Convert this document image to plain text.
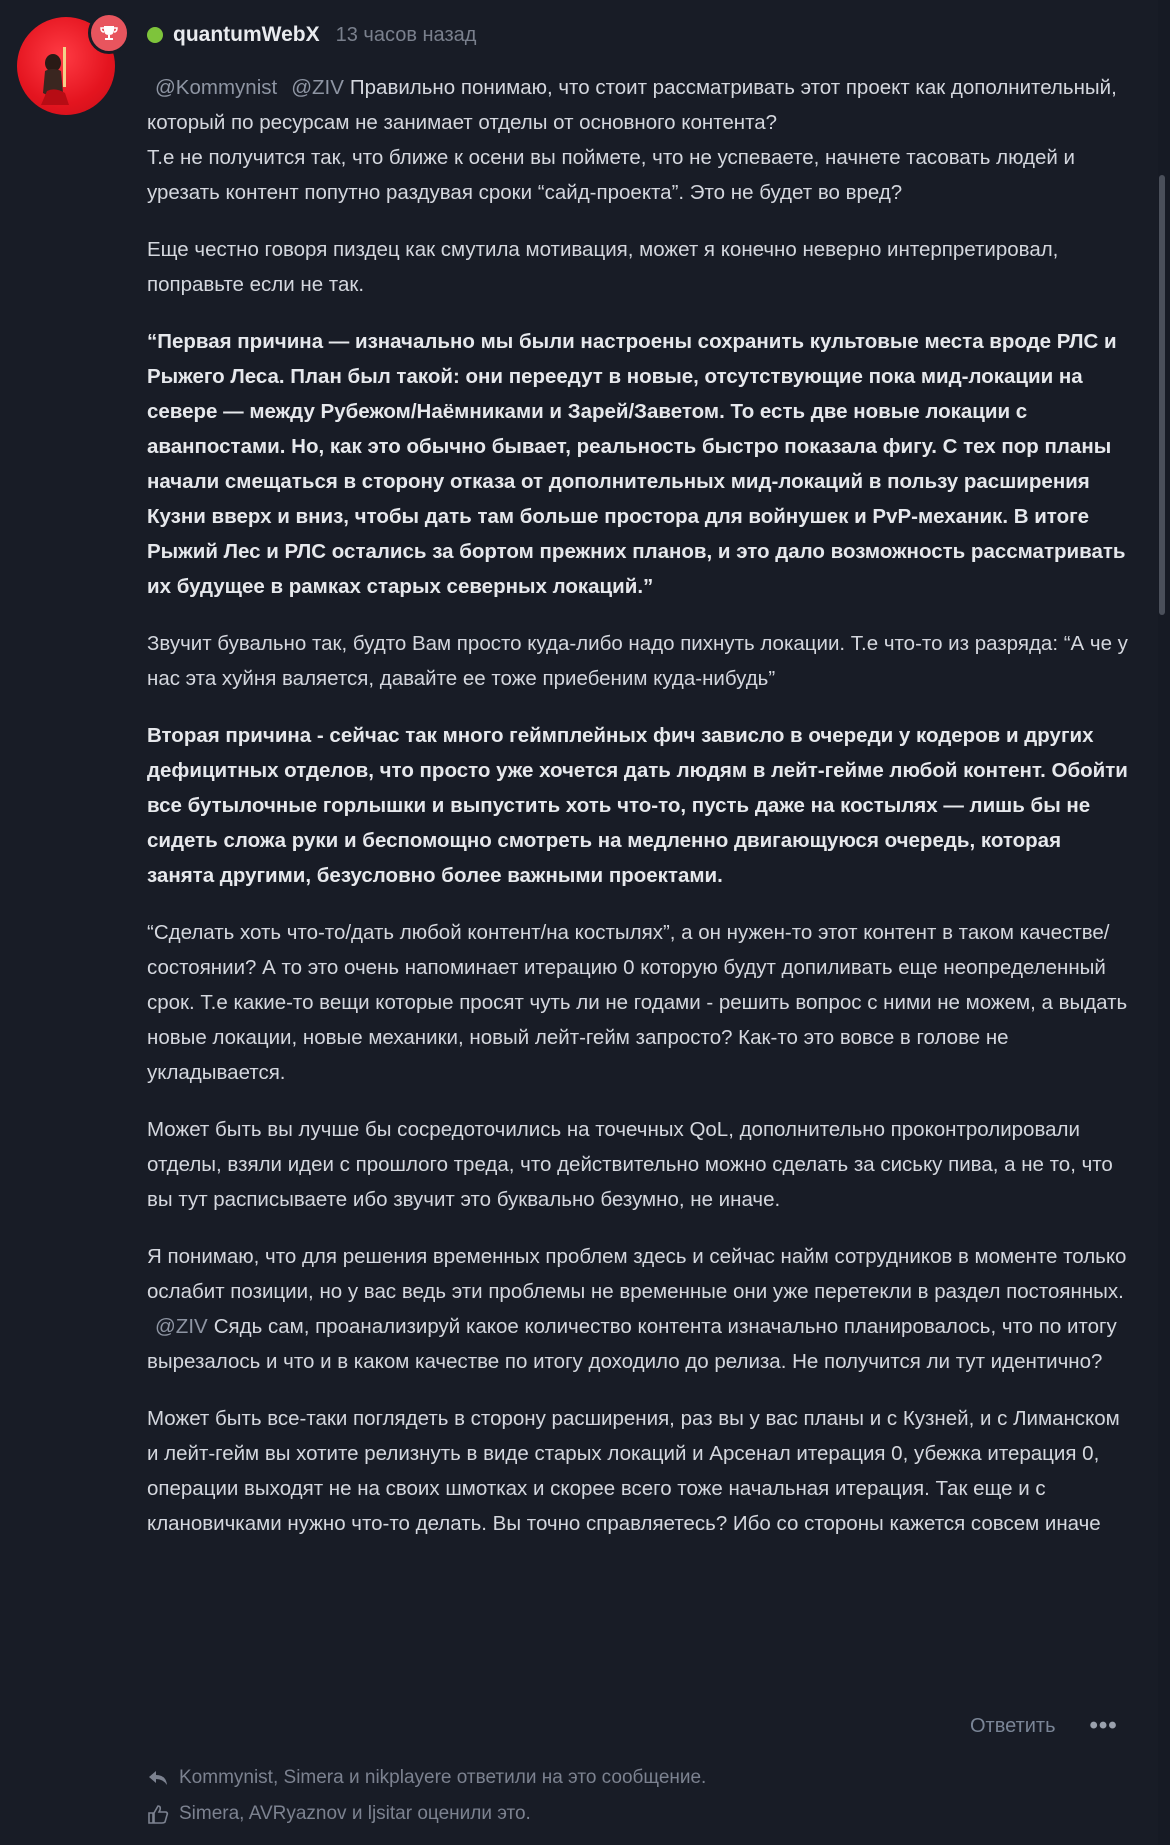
quantumWebX 13 часов назад

@Kommynist @ZIV Правильно понимаю, что стоит рассматривать этот проект как дополнительный, который по ресурсам не занимает отделы от основного контента?
Т.е не получится так, что ближе к осени вы поймете, что не успеваете, начнете тасовать людей и урезать контент попутно раздувая сроки “сайд-проекта”. Это не будет во вред?

Еще честно говоря пиздец как смутила мотивация, может я конечно неверно интерпретировал, поправьте если не так.

“Первая причина — изначально мы были настроены сохранить культовые места вроде РЛС и Рыжего Леса. План был такой: они переедут в новые, отсутствующие пока мид-локации на севере — между Рубежом/Наёмниками и Зарей/Заветом. То есть две новые локации с аванпостами. Но, как это обычно бывает, реальность быстро показала фигу. С тех пор планы начали смещаться в сторону отказа от дополнительных мид-локаций в пользу расширения Кузни вверх и вниз, чтобы дать там больше простора для войнушек и PvP-механик. В итоге Рыжий Лес и РЛС остались за бортом прежних планов, и это дало возможность рассматривать их будущее в рамках старых северных локаций.”

Звучит бувально так, будто Вам просто куда-либо надо пихнуть локации. Т.е что-то из разряда: “А че у нас эта хуйня валяется, давайте ее тоже приебеним куда-нибудь”

Вторая причина - сейчас так много геймплейных фич зависло в очереди у кодеров и других дефицитных отделов, что просто уже хочется дать людям в лейт-гейме любой контент. Обойти все бутылочные горлышки и выпустить хоть что-то, пусть даже на костылях — лишь бы не сидеть сложа руки и беспомощно смотреть на медленно двигающуюся очередь, которая занята другими, безусловно более важными проектами.

“Сделать хоть что-то/дать любой контент/на костылях”, а он нужен-то этот контент в таком качестве/состоянии? А то это очень напоминает итерацию 0 которую будут допиливать еще неопределенный срок. Т.е какие-то вещи которые просят чуть ли не годами - решить вопрос с ними не можем, а выдать новые локации, новые механики, новый лейт-гейм запросто? Как-то это вовсе в голове не укладывается.

Может быть вы лучше бы сосредоточились на точечных QoL, дополнительно проконтролировали отделы, взяли идеи с прошлого треда, что действительно можно сделать за сиську пива, а не то, что вы тут расписываете ибо звучит это буквально безумно, не иначе.

Я понимаю, что для решения временных проблем здесь и сейчас найм сотрудников в моменте только ослабит позиции, но у вас ведь эти проблемы не временные они уже перетекли в раздел постоянных.
@ZIV Сядь сам, проанализируй какое количество контента изначально планировалось, что по итогу вырезалось и что и в каком качестве по итогу доходило до релиза. Не получится ли тут идентично?

Может быть все-таки поглядеть в сторону расширения, раз вы у вас планы и с Кузней, и с Лиманском и лейт-гейм вы хотите релизнуть в виде старых локаций и Арсенал итерация 0, убежка итерация 0, операции выходят не на своих шмотках и скорее всего тоже начальная итерация. Так еще и с клановичками нужно что-то делать. Вы точно справляетесь? Ибо со стороны кажется совсем иначе

Ответить •••
Kommynist, Simera и nikplayere ответили на это сообщение.
Simera, AVRyaznov и ljsitar оценили это.
